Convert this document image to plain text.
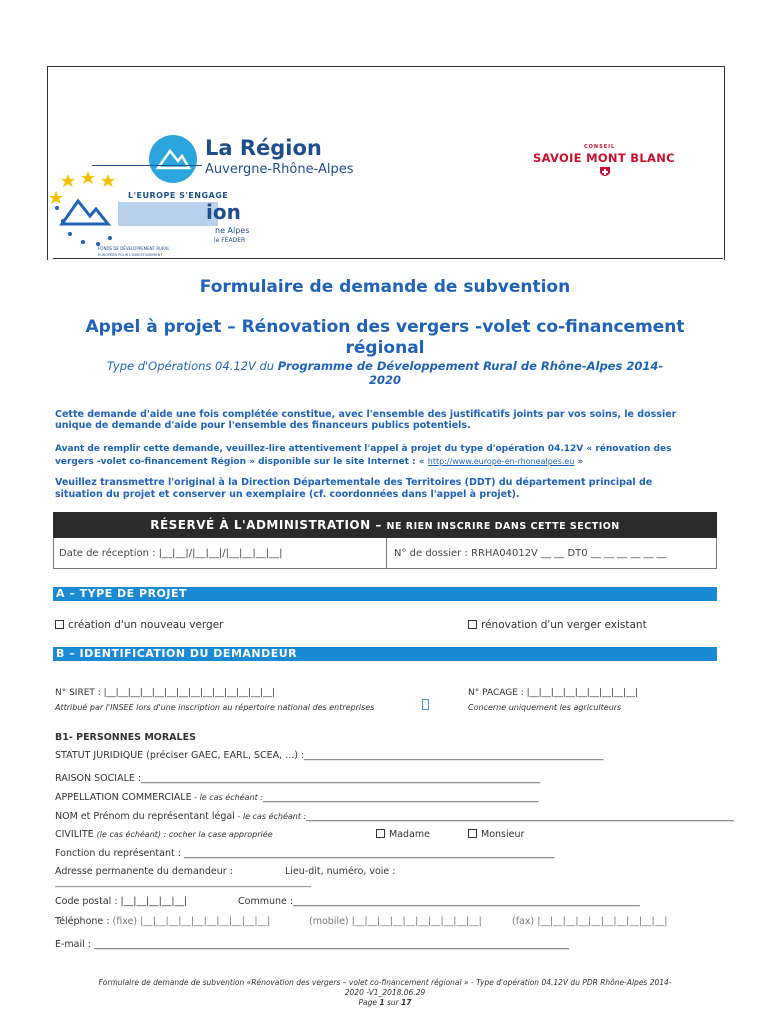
La Région
Auvergne-Rhône-Alpes
CONSEIL
SAVOIE MONT BLANC
L'EUROPE S'ENGAGE
ion
ne Alpes
le FEADER
FONDS DE DÉVELOPPEMENT RURAL
EUROPÉEN POUR L'INVESTISSEMENT
Formulaire de demande de subvention
Appel à projet – Rénovation des vergers -volet co-financement
régional
Type d'Opérations 04.12V du Programme de Développement Rural de Rhône-Alpes 2014-
2020
Cette demande d'aide une fois complétée constitue, avec l'ensemble des justificatifs joints par vos soins, le dossier
unique de demande d'aide pour l'ensemble des financeurs publics potentiels.
Avant de remplir cette demande, veuillez-lire attentivement l'appel à projet du type d'opération 04.12V « rénovation des
vergers -volet co-financement Région » disponible sur le site Internet : « http://www.europe-en-rhonealpes.eu »
Veuillez transmettre l'original à la Direction Départementale des Territoires (DDT) du département principal de
situation du projet et conserver un exemplaire (cf. coordonnées dans l'appel à projet).
RÉSERVÉ À L'ADMINISTRATION – NE RIEN INSCRIRE DANS CETTE SECTION
Date de réception : |__|__|/|__|__|/|__|__|__|__|	N° de dossier : RRHA04012V __ __ DT0 __ __ __ __ __ __
A – TYPE DE PROJET
création d'un nouveau verger	rénovation d'un verger existant
B – IDENTIFICATION DU DEMANDEUR
N° SIRET : |__|__|__|__|__|__|__|__|__|__|__|__|__|__|
Attribué par l'INSEE lors d'une inscription au répertoire national des entreprises
N° PACAGE : |__|__|__|__|__|__|__|__|__|
Concerne uniquement les agriculteurs
B1- PERSONNES MORALES
STATUT JURIDIQUE (préciser GAEC, EARL, SCEA, ...) :_______________________________________________________________
RAISON SOCIALE :____________________________________________________________________________________
APPELLATION COMMERCIALE - le cas échéant :__________________________________________________________
NOM et Prénom du représentant légal - le cas échéant :__________________________________________________________________________________________
CIVILITE (le cas échéant) : cocher la case appropriée	Madame	Monsieur
Fonction du représentant : ______________________________________________________________________________
Adresse permanente du demandeur :	Lieu-dit, numéro, voie :
________________________________________________________________
Code postal : |__|__|__|__|__|	Commune :_________________________________________________________________________
Téléphone : (fixe) |__|__|__|__|__|__|__|__|__|__|	(mobile) |__|__|__|__|__|__|__|__|__|__|	(fax) |__|__|__|__|__|__|__|__|__|__|
E-mail : ____________________________________________________________________________________________________
Formulaire de demande de subvention «Rénovation des vergers – volet co-financement régional » - Type d'opération 04.12V du PDR Rhône-Alpes 2014-
2020 -V1_2018.06.29
Page 1 sur 17
